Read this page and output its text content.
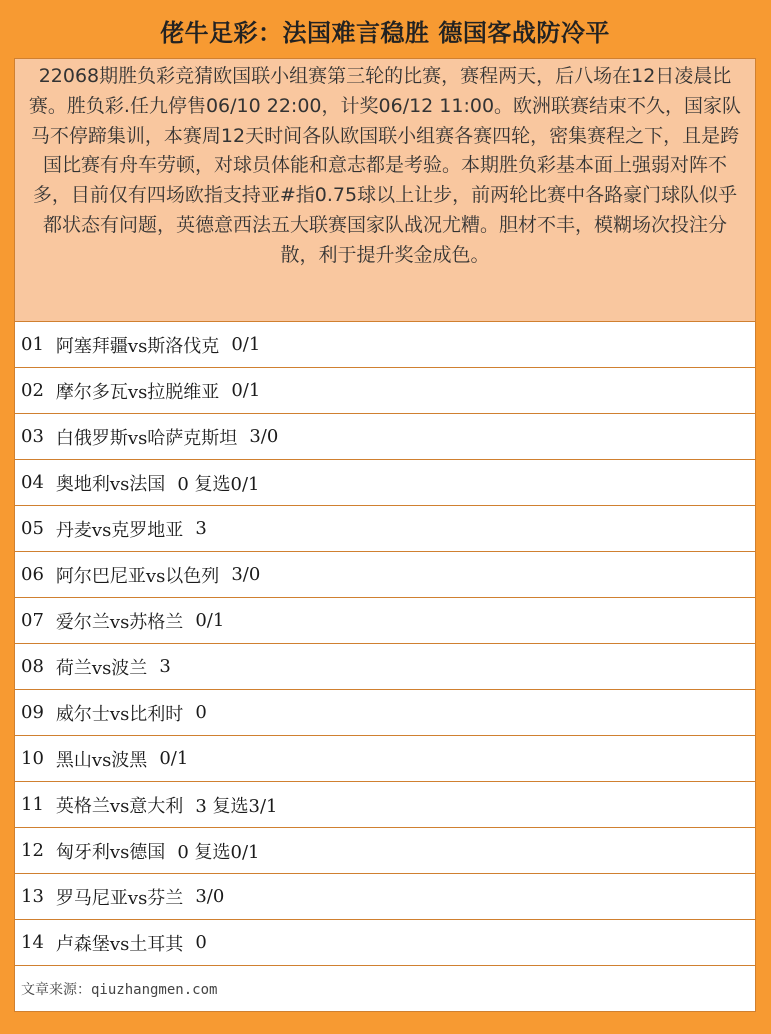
佬牛足彩：法国难言稳胜 德国客战防冷平
22068期胜负彩竞猜欧国联小组赛第三轮的比赛，赛程两天，后八场在12日凌晨比赛。胜负彩.任九停售06/10 22:00，计奖06/12 11:00。欧洲联赛结束不久，国家队马不停蹄集训，本赛周12天时间各队欧国联小组赛各赛四轮，密集赛程之下，且是跨国比赛有舟车劳顿，对球员体能和意志都是考验。本期胜负彩基本面上强弱对阵不多，目前仅有四场欧指支持亚#指0.75球以上让步，前两轮比赛中各路豪门球队似乎都状态有问题，英德意西法五大联赛国家队战况尤糟。胆材不丰，模糊场次投注分散，利于提升奖金成色。
01 阿塞拜疆vs斯洛伐克 0/1
02 摩尔多瓦vs拉脱维亚 0/1
03 白俄罗斯vs哈萨克斯坦 3/0
04 奥地利vs法国 0 复选0/1
05 丹麦vs克罗地亚 3
06 阿尔巴尼亚vs以色列 3/0
07 爱尔兰vs苏格兰 0/1
08 荷兰vs波兰 3
09 威尔士vs比利时 0
10 黑山vs波黑 0/1
11 英格兰vs意大利 3 复选3/1
12 匈牙利vs德国 0 复选0/1
13 罗马尼亚vs芬兰 3/0
14 卢森堡vs土耳其 0
文章来源：qiuzhangmen.com
